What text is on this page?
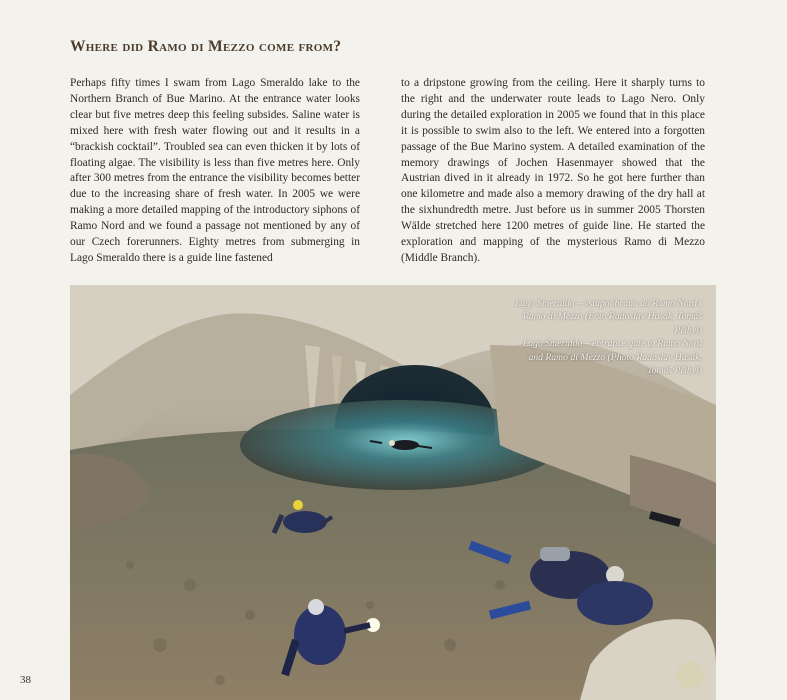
Where did Ramo di Mezzo come from?

Perhaps fifty times I swam from Lago Smeraldo lake to the Northern Branch of Bue Marino. At the entrance water looks clear but five metres deep this feeling subsides. Saline water is mixed here with fresh water flowing out and it results in a “brackish cocktail”. Troubled sea can even thicken it by lots of floating algae. The visibility is less than five metres here. Only after 300 metres from the entrance the visibility becomes better due to the increasing share of fresh water. In 2005 we were making a more detailed mapping of the introductory siphons of Ramo Nord and we found a passage not mentioned by any of our Czech forerunners. Eighty metres from submerging in Lago Smeraldo there is a guide line fastened

to a dripstone growing from the ceiling. Here it sharply turns to the right and the underwater route leads to Lago Nero. Only during the detailed exploration in 2005 we found that in this place it is possible to swim also to the left. We entered into a forgotten passage of the Bue Marino system. A detailed examination of the memory drawings of Jochen Hasenmayer showed that the Austrian dived in it already in 1972. So he got here further than one kilometre and made also a memory drawing of the dry hall at the sixhundredth metre. Just before us in summer 2005 Thorsten Wälde stretched here 1200 metres of guide line. He started the exploration and mapping of the mysterious Ramo di Mezzo (Middle Branch).

Lago Smeraldo – vstupní brána do Ramo Nord i Ramo di Mezzo (Foto Radoslav Husák, Tomáš Přibyl)

Lago Smeraldo – entrance gate to Ramo Nord and Ramo di Mezzo (Photo Radoslav Husák, Tomáš Přibyl)

38
